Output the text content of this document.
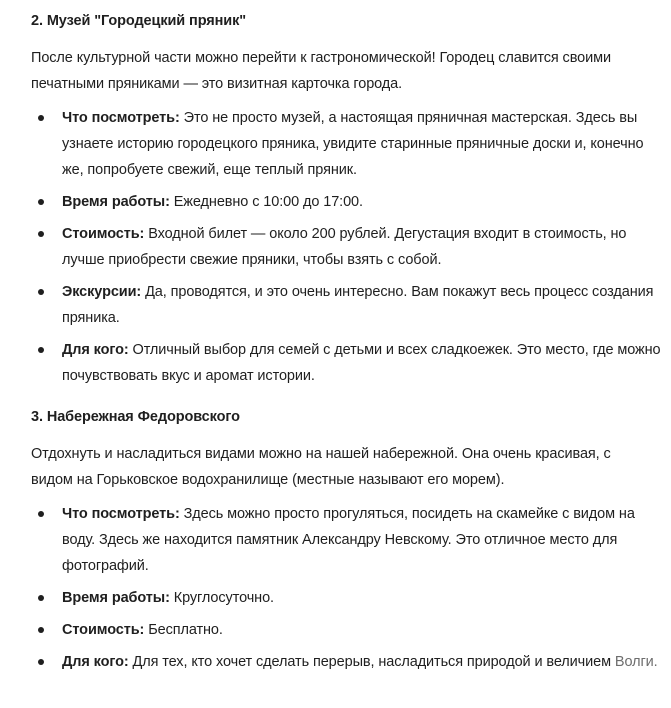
2. Музей "Городецкий пряник"

После культурной части можно перейти к гастрономической! Городец славится своими печатными пряниками — это визитная карточка города.

Что посмотреть: Это не просто музей, а настоящая пряничная мастерская. Здесь вы узнаете историю городецкого пряника, увидите старинные пряничные доски и, конечно же, попробуете свежий, еще теплый пряник.
Время работы: Ежедневно с 10:00 до 17:00.
Стоимость: Входной билет — около 200 рублей. Дегустация входит в стоимость, но лучше приобрести свежие пряники, чтобы взять с собой.
Экскурсии: Да, проводятся, и это очень интересно. Вам покажут весь процесс создания пряника.
Для кого: Отличный выбор для семей с детьми и всех сладкоежек. Это место, где можно почувствовать вкус и аромат истории.
3. Набережная Федоровского

Отдохнуть и насладиться видами можно на нашей набережной. Она очень красивая, с видом на Горьковское водохранилище (местные называют его морем).

Что посмотреть: Здесь можно просто прогуляться, посидеть на скамейке с видом на воду. Здесь же находится памятник Александру Невскому. Это отличное место для фотографий.
Время работы: Круглосуточно.
Стоимость: Бесплатно.
Для кого: Для тех, кто хочет сделать перерыв, насладиться природой и величием Волги.
